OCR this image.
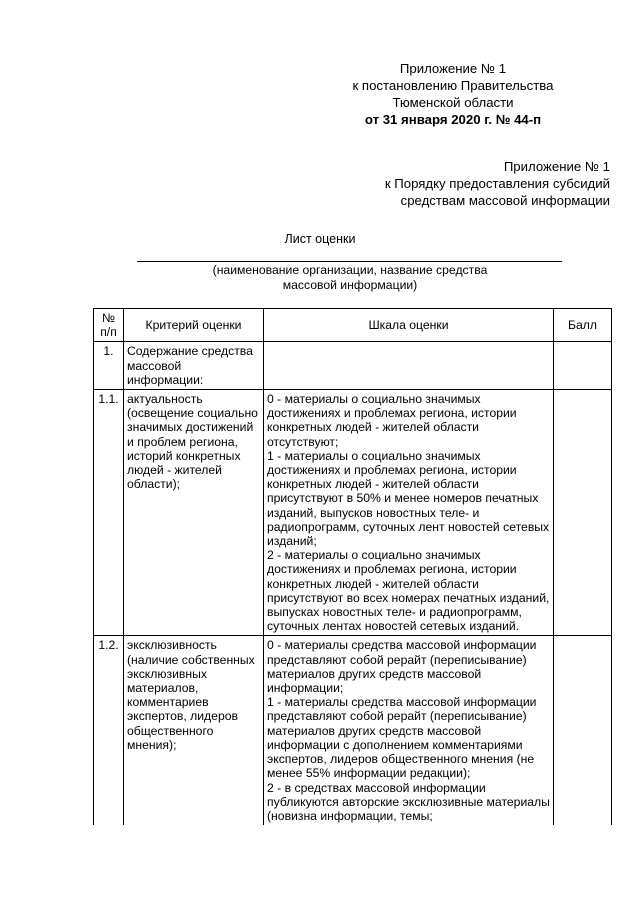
Приложение № 1
к постановлению Правительства
Тюменской области
от 31 января 2020 г. № 44-п
Приложение № 1
к Порядку предоставления субсидий
средствам массовой информации
Лист оценки
(наименование организации, название средства
массовой информации)
№
п/п	Критерий оценки	Шкала оценки	Балл
1.	Содержание средства массовой информации:		
1.1.	актуальность (освещение социально значимых достижений и проблем региона, историй конкретных людей - жителей области);	0 - материалы о социально значимых достижениях и проблемах региона, истории конкретных людей - жителей области отсутствуют;
1 - материалы о социально значимых достижениях и проблемах региона, истории конкретных людей - жителей области присутствуют в 50% и менее номеров печатных изданий, выпусков новостных теле- и радиопрограмм, суточных лент новостей сетевых изданий;
2 - материалы о социально значимых достижениях и проблемах региона, истории конкретных людей - жителей области присутствуют во всех номерах печатных изданий, выпусках новостных теле- и радиопрограмм, суточных лентах новостей сетевых изданий.	

1.2.	эксклюзивность (наличие собственных эксклюзивных материалов, комментариев экспертов, лидеров общественного мнения);	0 - материалы средства массовой информации представляют собой рерайт (переписывание) материалов других средств массовой информации;
1 - материалы средства массовой информации представляют собой рерайт (переписывание) материалов других средств массовой информации с дополнением комментариями экспертов, лидеров общественного мнения (не менее 55% информации редакции);
2 - в средствах массовой информации публикуются авторские эксклюзивные материалы (новизна информации, темы;	
